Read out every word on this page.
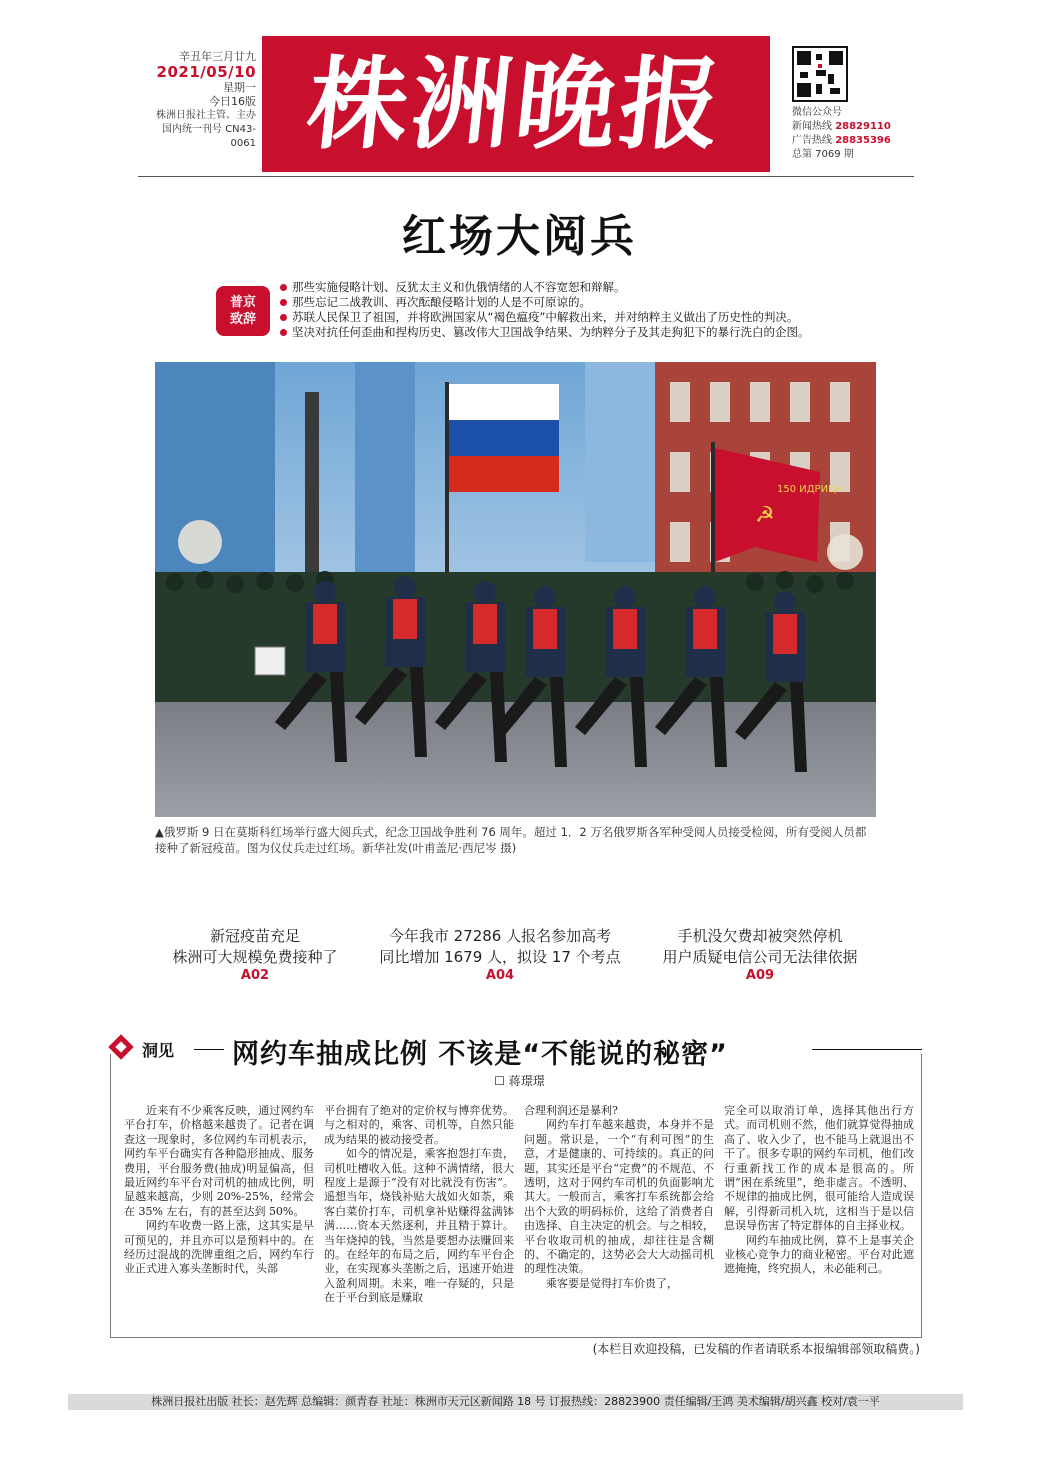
辛丑年三月廿九
2021/05/10
星期一
今日16版
株洲日报社主管、主办
国内统一刊号 CN43-0061 株洲晚报	微信公众号
新闻热线 28829110
广告热线 28835396
总第 7069 期
红场大阅兵
普京
致辞
那些实施侵略计划、反犹太主义和仇俄情绪的人不容宽恕和辩解。
那些忘记二战教训、再次酝酿侵略计划的人是不可原谅的。
苏联人民保卫了祖国，并将欧洲国家从“褐色瘟疫”中解救出来，并对纳粹主义做出了历史性的判决。
坚决对抗任何歪曲和捏构历史、篡改伟大卫国战争结果、为纳粹分子及其走狗犯下的暴行洗白的企图。
☭
150 ИДРИЦК
▲俄罗斯 9 日在莫斯科红场举行盛大阅兵式，纪念卫国战争胜利 76 周年。超过 1．2 万名俄罗斯各军种受阅人员接受检阅，所有受阅人员都接种了新冠疫苗。图为仪仗兵走过红场。新华社发(叶甫盖尼·西尼岑 摄)
新冠疫苗充足
株洲可大规模免费接种了
A02
今年我市 27286 人报名参加高考
同比增加 1679 人，拟设 17 个考点
A04
手机没欠费却被突然停机
用户质疑电信公司无法律依据
A09
洞见 网约车抽成比例 不该是“不能说的秘密”
☐ 蒋璟璟

近来有不少乘客反映，通过网约车平台打车，价格越来越贵了。记者在调查这一现象时，多位网约车司机表示，网约车平台确实有各种隐形抽成、服务费用，平台服务费(抽成)明显偏高，但最近网约车平台对司机的抽成比例，明显越来越高，少则 20%-25%，经常会在 35% 左右，有的甚至达到 50%。

网约车收费一路上涨，这其实是早可预见的，并且亦可以是预料中的。在经历过混战的洗牌重组之后，网约车行业正式进入寡头垄断时代，头部

平台拥有了绝对的定价权与博弈优势。与之相对的，乘客、司机等，自然只能成为结果的被动接受者。

如今的情况是，乘客抱怨打车贵，司机吐槽收入低。这种不满情绪，很大程度上是源于“没有对比就没有伤害”。遥想当年，烧钱补贴大战如火如荼，乘客白菜价打车，司机拿补贴赚得盆满钵满……资本天然逐利，并且精于算计。当年烧掉的钱，当然是要想办法赚回来的。在经年的布局之后，网约车平台企业，在实现寡头垄断之后，迅速开始进入盈利周期。未来，唯一存疑的，只是在于平台到底是赚取

合理利润还是暴利?

网约车打车越来越贵，本身并不是问题。常识是，一个“有利可图”的生意，才是健康的、可持续的。真正的问题，其实还是平台“定费”的不规范、不透明，这对于网约车司机的负面影响尤其大。一般而言，乘客打车系统都会给出个大致的明码标价，这给了消费者自由选择、自主决定的机会。与之相较，平台收取司机的抽成，却往往是含糊的、不确定的，这势必会大大动摇司机的理性决策。

乘客要是觉得打车价贵了，

完全可以取消订单，选择其他出行方式。而司机则不然，他们就算觉得抽成高了、收入少了，也不能马上就退出不干了。很多专职的网约车司机，他们改行重新找工作的成本是很高的。所谓“困在系统里”，绝非虚言。不透明、不规律的抽成比例，很可能给人造成误解，引得新司机入坑，这相当于是以信息误导伤害了特定群体的自主择业权。

网约车抽成比例，算不上是事关企业核心竞争力的商业秘密。平台对此遮遮掩掩，终究损人，未必能利己。

(本栏目欢迎投稿，已发稿的作者请联系本报编辑部领取稿费。)
株洲日报社出版 社长：赵先辉 总编辑：颜青春 社址：株洲市天元区新闻路 18 号 订报热线：28823900 责任编辑/王鸿 美术编辑/胡兴鑫 校对/袁一平
